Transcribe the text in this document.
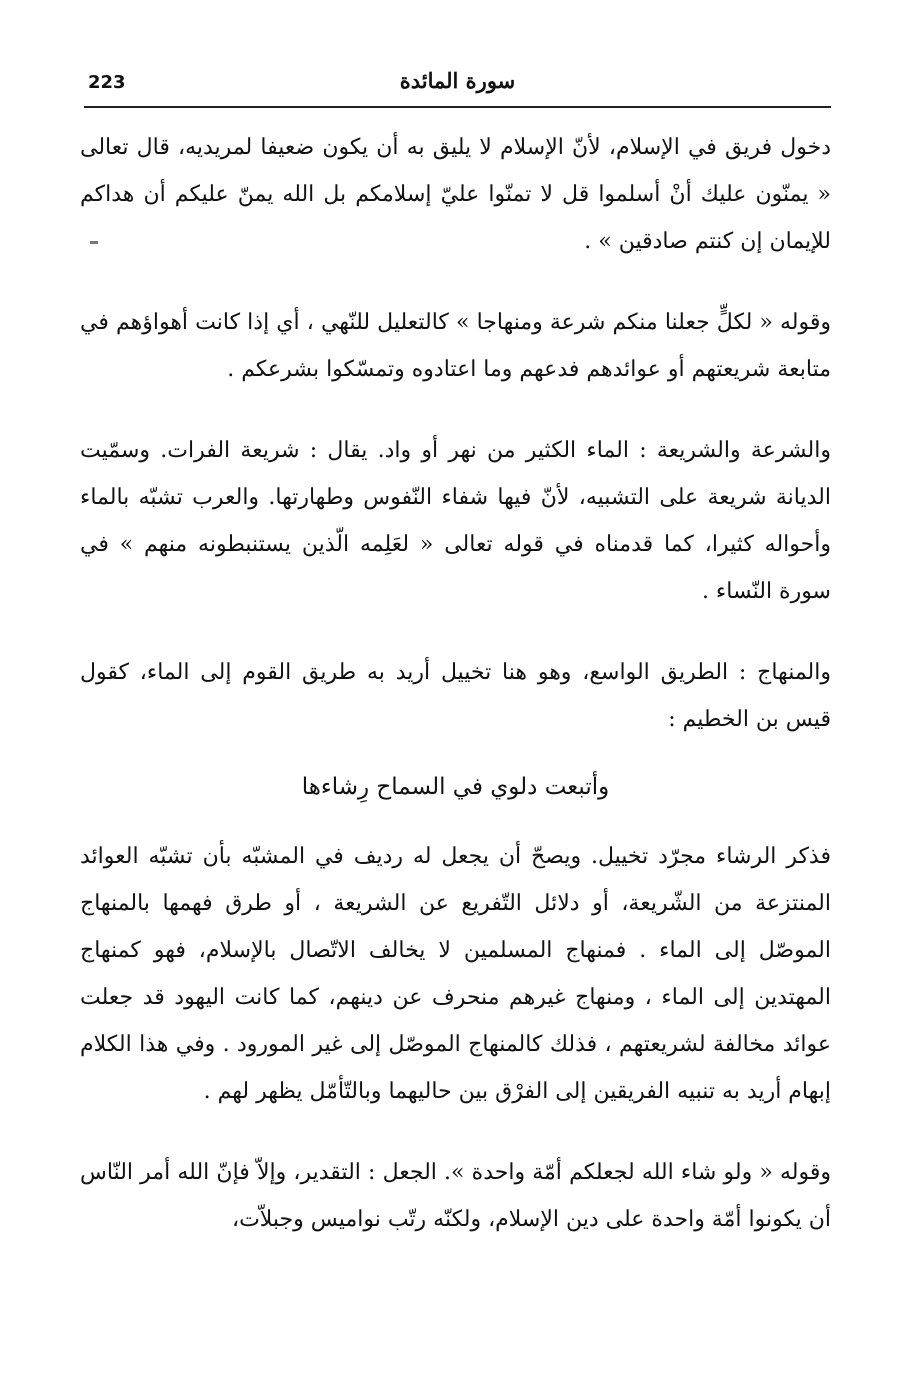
223	سورة المائدة

دخول فريق في الإسلام، لأنّ الإسلام لا يليق به أن يكون ضعيفا لمريديه، قال تعالى « يمنّون عليك أنْ أسلموا قل لا تمنّوا عليّ إسلامكم بل الله يمنّ عليكم أن هداكم للإيمان إن كنتم صادقين » .

وقوله « لكلٍّ جعلنا منكم شرعة ومنهاجا » كالتعليل للنّهي ، أي إذا كانت أهواؤهم في متابعة شريعتهم أو عوائدهم فدعهم وما اعتادوه وتمسّكوا بشرعكم .

والشرعة والشريعة : الماء الكثير من نهر أو واد. يقال : شريعة الفرات. وسمّيت الديانة شريعة على التشبيه، لأنّ فيها شفاء النّفوس وطهارتها. والعرب تشبّه بالماء وأحواله كثيرا، كما قدمناه في قوله تعالى « لعَلِمه الّذين يستنبطونه منهم » في سورة النّساء .

والمنهاج : الطريق الواسع، وهو هنا تخييل أريد به طريق القوم إلى الماء، كقول قيس بن الخطيم :

وأتبعت دلوي في السماح رِشاءها

فذكر الرشاء مجرّد تخييل. ويصحّ أن يجعل له رديف في المشبّه بأن تشبّه العوائد المنتزعة من الشّريعة، أو دلائل التّفريع عن الشريعة ، أو طرق فهمها بالمنهاج الموصّل إلى الماء . فمنهاج المسلمين لا يخالف الاتّصال بالإسلام، فهو كمنهاج المهتدين إلى الماء ، ومنهاج غيرهم منحرف عن دينهم، كما كانت اليهود قد جعلت عوائد مخالفة لشريعتهم ، فذلك كالمنهاج الموصّل إلى غير المورود . وفي هذا الكلام إبهام أريد به تنبيه الفريقين إلى الفرْق بين حاليهما وبالتّأمّل يظهر لهم .

وقوله « ولو شاء الله لجعلكم أمّة واحدة ». الجعل : التقدير، وإلاّ فإنّ الله أمر النّاس أن يكونوا أمّة واحدة على دين الإسلام، ولكنّه رتّب نواميس وجبلاّت،
